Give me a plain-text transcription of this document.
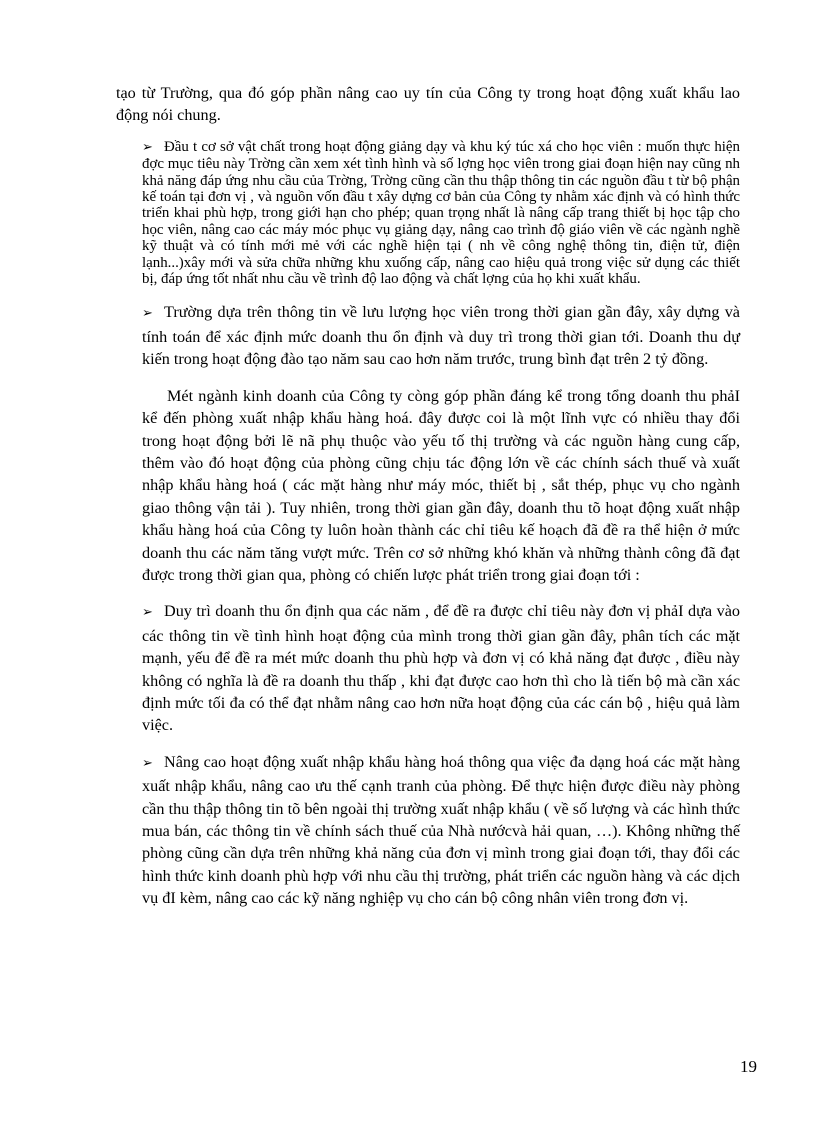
tạo từ Trường, qua đó góp phần nâng cao uy tín của Công ty trong hoạt động xuất khẩu lao động nói chung.

➢ Đầu t cơ sở vật chất trong hoạt động giảng dạy và khu ký túc xá cho học viên : muốn thực hiện đợc mục tiêu này Trờng cần xem xét tình hình và số lợng học viên trong giai đoạn hiện nay cũng nh khả năng đáp ứng nhu cầu của Trờng, Trờng cũng cần thu thập thông tin các nguồn đầu t từ bộ phận kế toán tại đơn vị , và nguồn vốn đầu t xây dựng cơ bản của Công ty nhằm xác định và có hình thức triển khai phù hợp, trong giới hạn cho phép; quan trọng nhất là nâng cấp trang thiết bị học tập cho học viên, nâng cao các máy móc phục vụ giảng dạy, nâng cao trình độ giáo viên về các ngành nghề kỹ thuật và có tính mới mẻ với các nghề hiện tại ( nh về công nghệ thông tin, điện tử, điện lạnh...)xây mới và sửa chữa những khu xuống cấp, nâng cao hiệu quả trong việc sử dụng các thiết bị, đáp ứng tốt nhất nhu cầu về trình độ lao động và chất lợng của họ khi xuất khẩu.

➢ Trường dựa trên thông tin về lưu lượng học viên trong thời gian gần đây, xây dựng và tính toán để xác định mức doanh thu ổn định và duy trì trong thời gian tới. Doanh thu dự kiến trong hoạt động đào tạo năm sau cao hơn năm trước, trung bình đạt trên 2 tỷ đồng.

Mét ngành kinh doanh của Công ty còng góp phần đáng kể trong tổng doanh thu phảI kể đến phòng xuất nhập khẩu hàng hoá. đây được coi là một lĩnh vực có nhiều thay đổi trong hoạt động bởi lẽ nã phụ thuộc vào yếu tố thị trường và các nguồn hàng cung cấp, thêm vào đó hoạt động của phòng cũng chịu tác động lớn về các chính sách thuế và xuất nhập khẩu hàng hoá ( các mặt hàng như máy móc, thiết bị , sắt thép, phục vụ cho ngành giao thông vận tải ). Tuy nhiên, trong thời gian gần đây, doanh thu tõ hoạt động xuất nhập khẩu hàng hoá của Công ty luôn hoàn thành các chỉ tiêu kế hoạch đã đề ra thể hiện ở mức doanh thu các năm tăng vượt mức. Trên cơ sở những khó khăn và những thành công đã đạt được trong thời gian qua, phòng có chiến lược phát triển trong giai đoạn tới :

➢ Duy trì doanh thu ổn định qua các năm , để đề ra được chỉ tiêu này đơn vị phảI dựa vào các thông tin về tình hình hoạt động của mình trong thời gian gần đây, phân tích các mặt mạnh, yếu để đề ra mét mức doanh thu phù hợp và đơn vị có khả năng đạt được , điều này không có nghĩa là đề ra doanh thu thấp , khi đạt được cao hơn thì cho là tiến bộ mà cần xác định mức tối đa có thể đạt nhằm nâng cao hơn nữa hoạt động của các cán bộ , hiệu quả làm việc.

➢ Nâng cao hoạt động xuất nhập khẩu hàng hoá thông qua việc đa dạng hoá các mặt hàng xuất nhập khẩu, nâng cao ưu thế cạnh tranh của phòng. Để thực hiện được điều này phòng cần thu thập thông tin tõ bên ngoài thị trường xuất nhập khẩu ( về số lượng và các hình thức mua bán, các thông tin về chính sách thuế của Nhà nướcvà hải quan, …). Không những thế phòng cũng cần dựa trên những khả năng của đơn vị mình trong giai đoạn tới, thay đổi các hình thức kinh doanh phù hợp với nhu cầu thị trường, phát triển các nguồn hàng và các dịch vụ đI kèm, nâng cao các kỹ năng nghiệp vụ cho cán bộ công nhân viên trong đơn vị.

19
